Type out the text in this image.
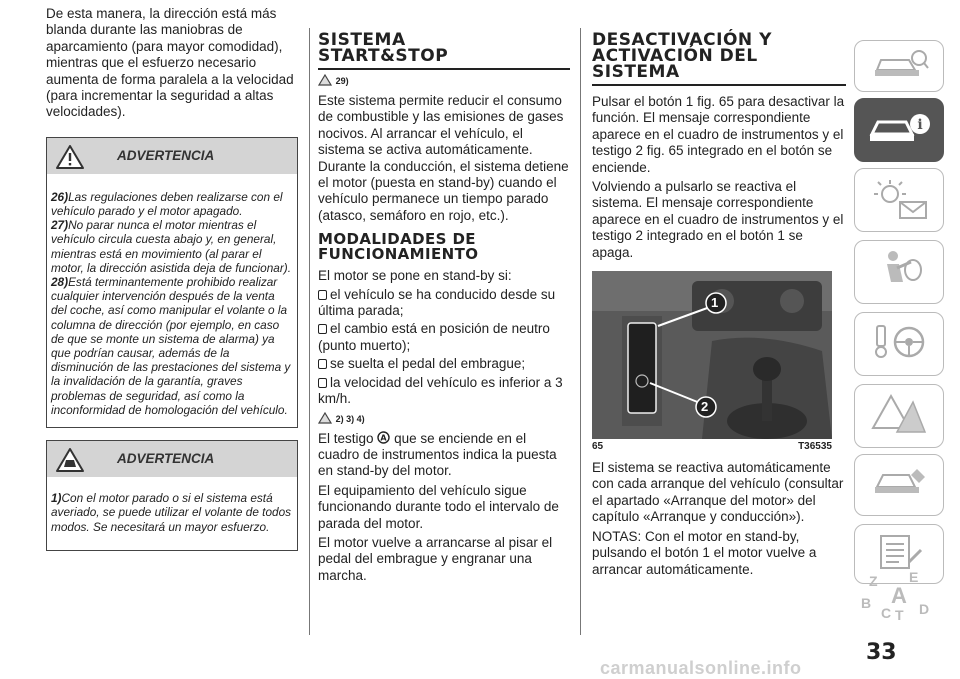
De esta manera, la dirección está más blanda durante las maniobras de aparcamiento (para mayor comodidad), mientras que el esfuerzo necesario aumenta de forma paralela a la velocidad (para incrementar la seguridad a altas velocidades).

ADVERTENCIA
26)Las regulaciones deben realizarse con el vehículo parado y el motor apagado.
27)No parar nunca el motor mientras el vehículo circula cuesta abajo y, en general, mientras está en movimiento (al parar el motor, la dirección asistida deja de funcionar).
28)Está terminantemente prohibido realizar cualquier intervención después de la venta del coche, así como manipular el volante o la columna de dirección (por ejemplo, en caso de que se monte un sistema de alarma) ya que podrían causar, además de la disminución de las prestaciones del sistema y la invalidación de la garantía, graves problemas de seguridad, así como la inconformidad de homologación del vehículo.
ADVERTENCIA
1)Con el motor parado o si el sistema está averiado, se puede utilizar el volante de todos modos. Se necesitará un mayor esfuerzo.
SISTEMA
START&STOP
29)

Este sistema permite reducir el consumo de combustible y las emisiones de gases nocivos. Al arrancar el vehículo, el sistema se activa automáticamente. Durante la conducción, el sistema detiene el motor (puesta en stand-by) cuando el vehículo permanece un tiempo parado (atasco, semáforo en rojo, etc.).

MODALIDADES DE
FUNCIONAMIENTO

El motor se pone en stand-by si:

el vehículo se ha conducido desde su última parada;

el cambio está en posición de neutro (punto muerto);

se suelta el pedal del embrague;

la velocidad del vehículo es inferior a 3 km/h.

2) 3) 4)

El testigo A que se enciende en el cuadro de instrumentos indica la puesta en stand-by del motor.

El equipamiento del vehículo sigue funcionando durante todo el intervalo de parada del motor.

El motor vuelve a arrancarse al pisar el pedal del embrague y engranar una marcha.

DESACTIVACIÓN Y
ACTIVACIÓN DEL
SISTEMA

Pulsar el botón 1 fig. 65 para desactivar la función. El mensaje correspondiente aparece en el cuadro de instrumentos y el testigo 2 fig. 65 integrado en el botón se enciende.

Volviendo a pulsarlo se reactiva el sistema. El mensaje correspondiente aparece en el cuadro de instrumentos y el testigo 2 integrado en el botón 1 se apaga.

1
2
65	T36535

El sistema se reactiva automáticamente con cada arranque del vehículo (consultar el apartado «Arranque del motor» del capítulo «Arranque y conducción»).

NOTAS: Con el motor en stand-by, pulsando el botón 1 el motor vuelve a arrancar automáticamente.

i
Z E
A
B
C T D
33
carmanualsonline.info
